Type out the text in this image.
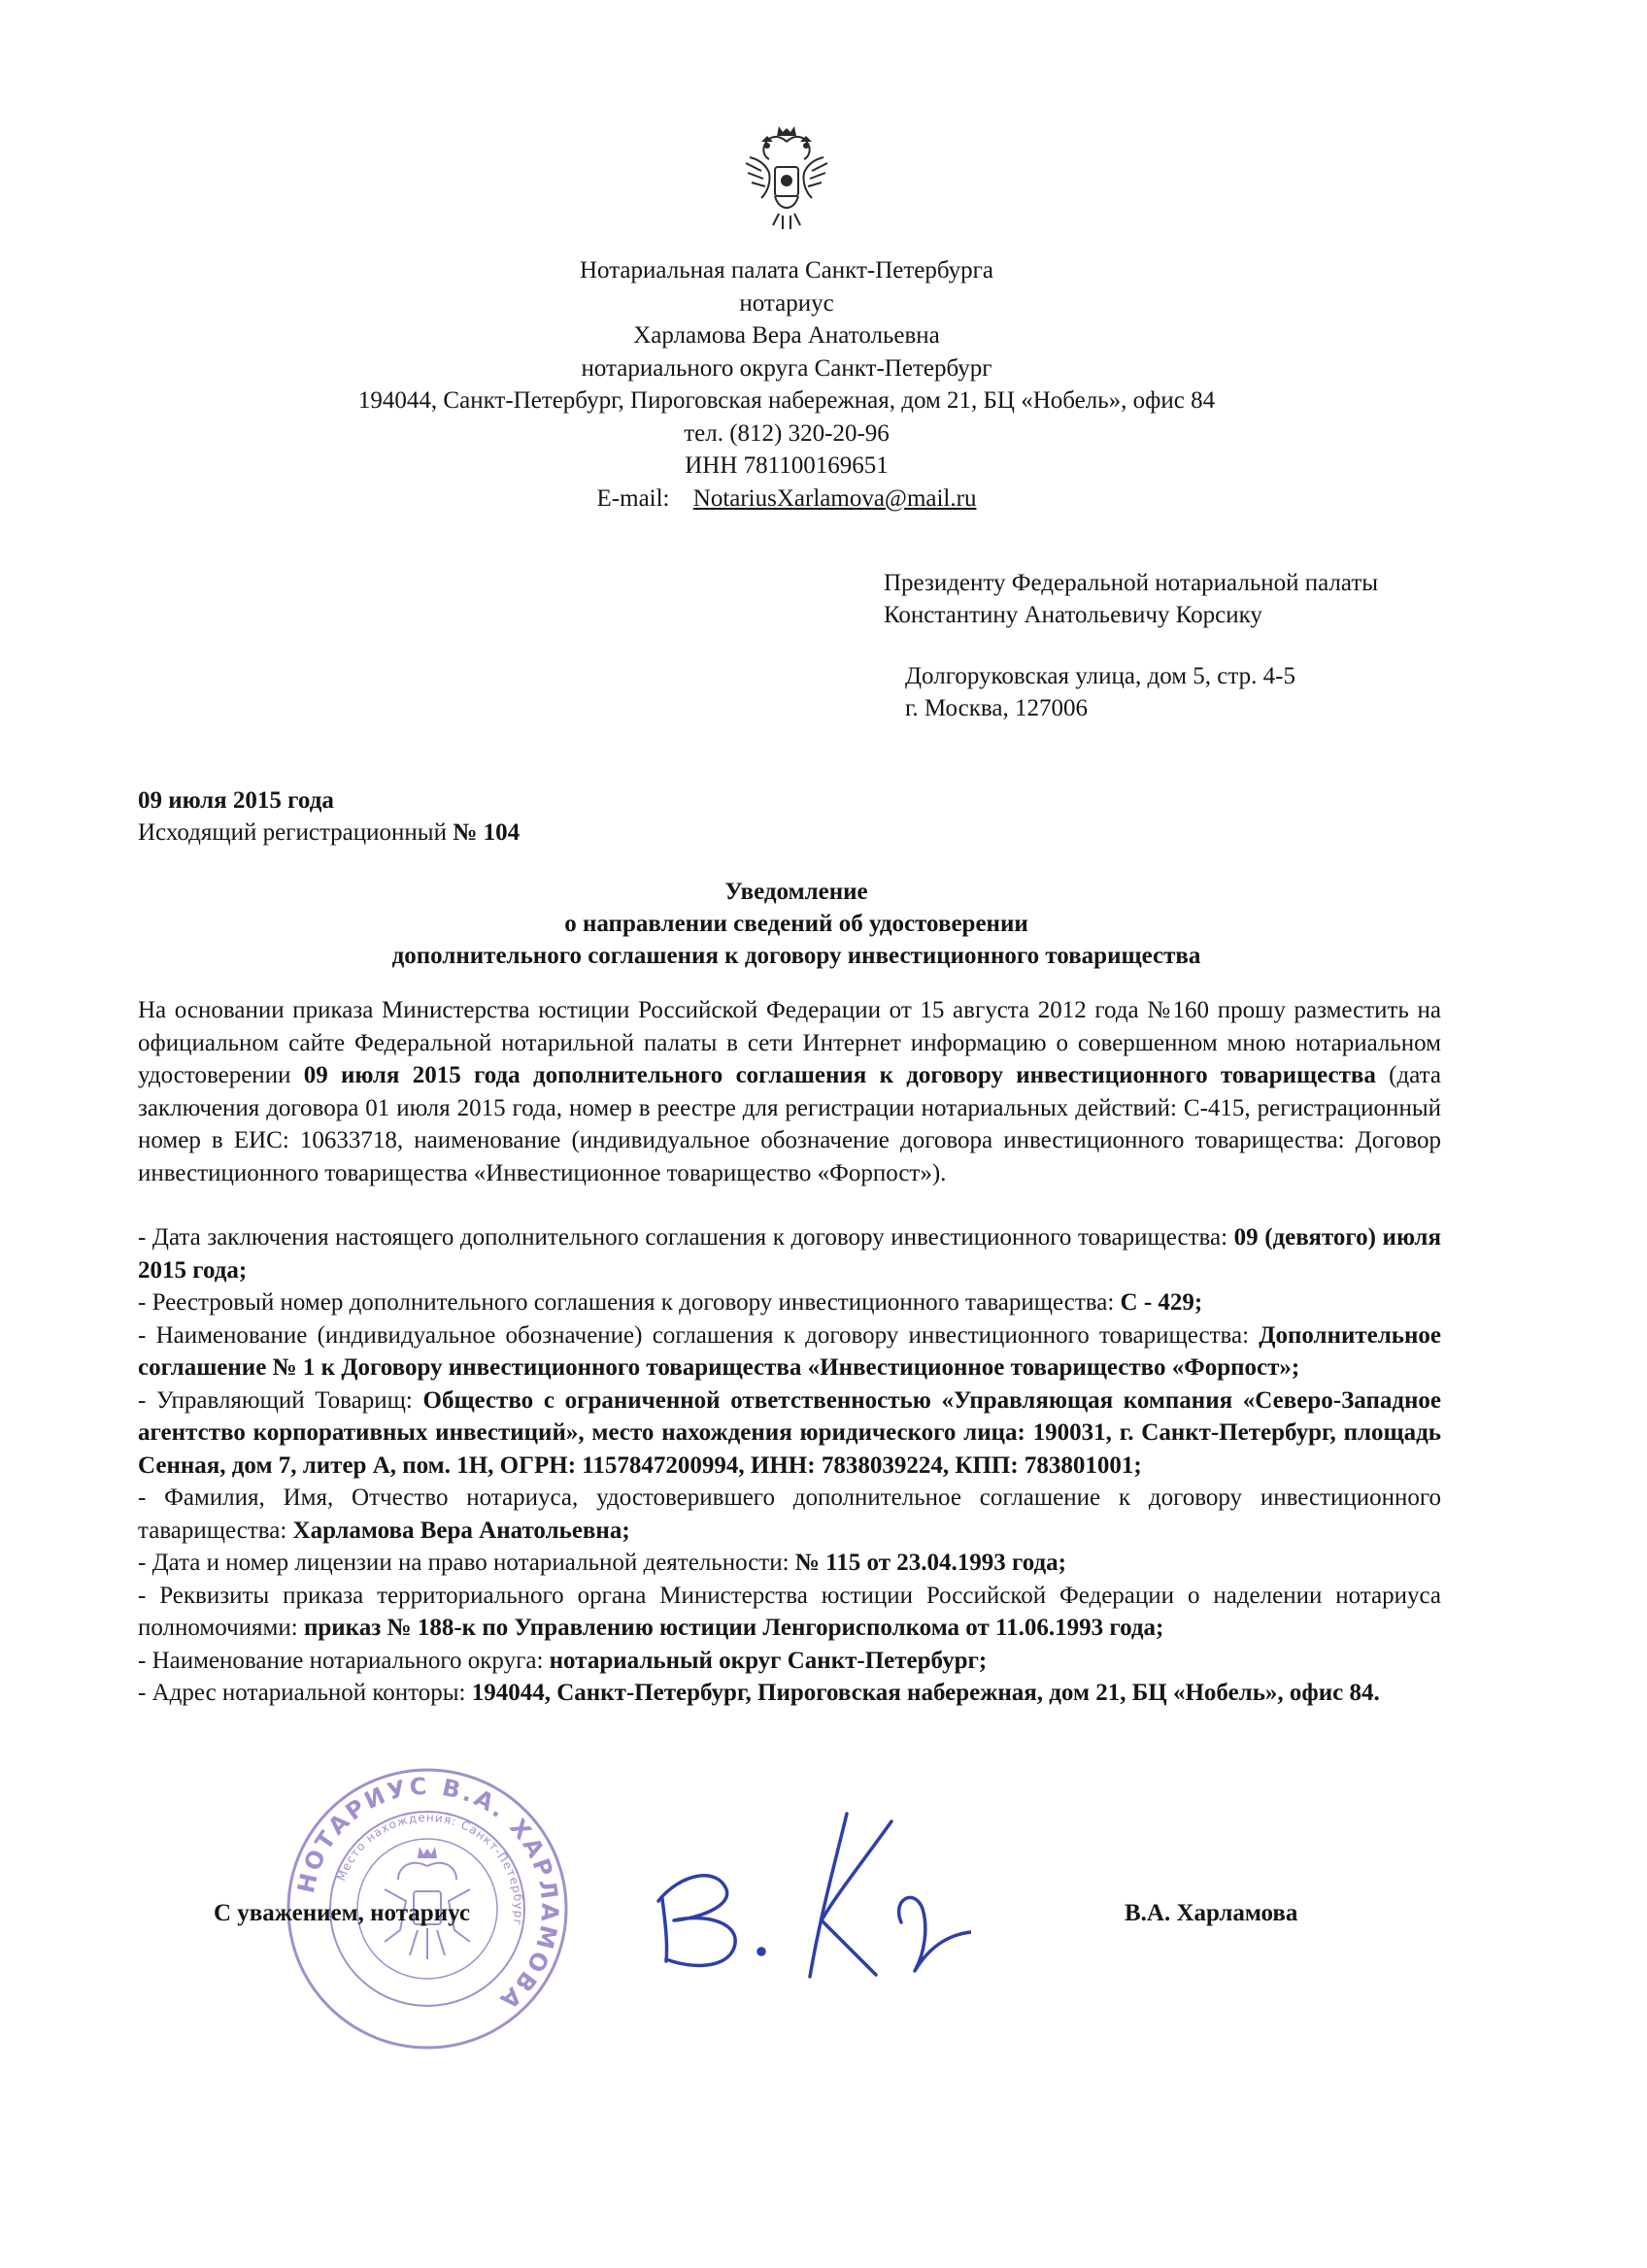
Нотариальная палата Санкт-Петербурга
нотариус
Харламова Вера Анатольевна
нотариального округа Санкт-Петербург
194044, Санкт-Петербург, Пироговская набережная, дом 21, БЦ «Нобель», офис 84
тел. (812) 320-20-96
ИНН 781100169651
E-mail: NotariusXarlamova@mail.ru
Президенту Федеральной нотариальной палаты
Константину Анатольевичу Корсику
Долгоруковская улица, дом 5, стр. 4-5
г. Москва, 127006
09 июля 2015 года
Исходящий регистрационный № 104
Уведомление
о направлении сведений об удостоверении
дополнительного соглашения к договору инвестиционного товарищества

На основании приказа Министерства юстиции Российской Федерации от 15 августа 2012 года №160 прошу разместить на официальном сайте Федеральной нотарильной палаты в сети Интернет информацию о совершенном мною нотариальном удостоверении 09 июля 2015 года дополнительного соглашения к договору инвестиционного товарищества (дата заключения договора 01 июля 2015 года, номер в реестре для регистрации нотариальных действий: С-415, регистрационный номер в ЕИС: 10633718, наименование (индивидуальное обозначение договора инвестиционного товарищества: Договор инвестиционного товарищества «Инвестиционное товарищество «Форпост»).

- Дата заключения настоящего дополнительного соглашения к договору инвестиционного товарищества: 09 (девятого) июля 2015 года;

- Реестровый номер дополнительного соглашения к договору инвестиционного таварищества: С - 429;

- Наименование (индивидуальное обозначение) соглашения к договору инвестиционного товарищества: Дополнительное соглашение № 1 к Договору инвестиционного товарищества «Инвестиционное товарищество «Форпост»;

- Управляющий Товарищ: Общество с ограниченной ответственностью «Управляющая компания «Северо-Западное агентство корпоративных инвестиций», место нахождения юридического лица: 190031, г. Санкт-Петербург, площадь Сенная, дом 7, литер А, пом. 1Н, ОГРН: 1157847200994, ИНН: 7838039224, КПП: 783801001;

- Фамилия, Имя, Отчество нотариуса, удостоверившего дополнительное соглашение к договору инвестиционного таварищества: Харламова Вера Анатольевна;

- Дата и номер лицензии на право нотариальной деятельности: № 115 от 23.04.1993 года;

- Реквизиты приказа территориального органа Министерства юстиции Российской Федерации о наделении нотариуса полномочиями: приказ № 188-к по Управлению юстиции Ленгорисполкома от 11.06.1993 года;

- Наименование нотариального округа: нотариальный округ Санкт-Петербург;

- Адрес нотариальной конторы: 194044, Санкт-Петербург, Пироговская набережная, дом 21, БЦ «Нобель», офис 84.

НОТАРИУС В.А. ХАРЛАМОВА
Место нахождения: Санкт-Петербург
С уважением, нотариус	В.А. Харламова
